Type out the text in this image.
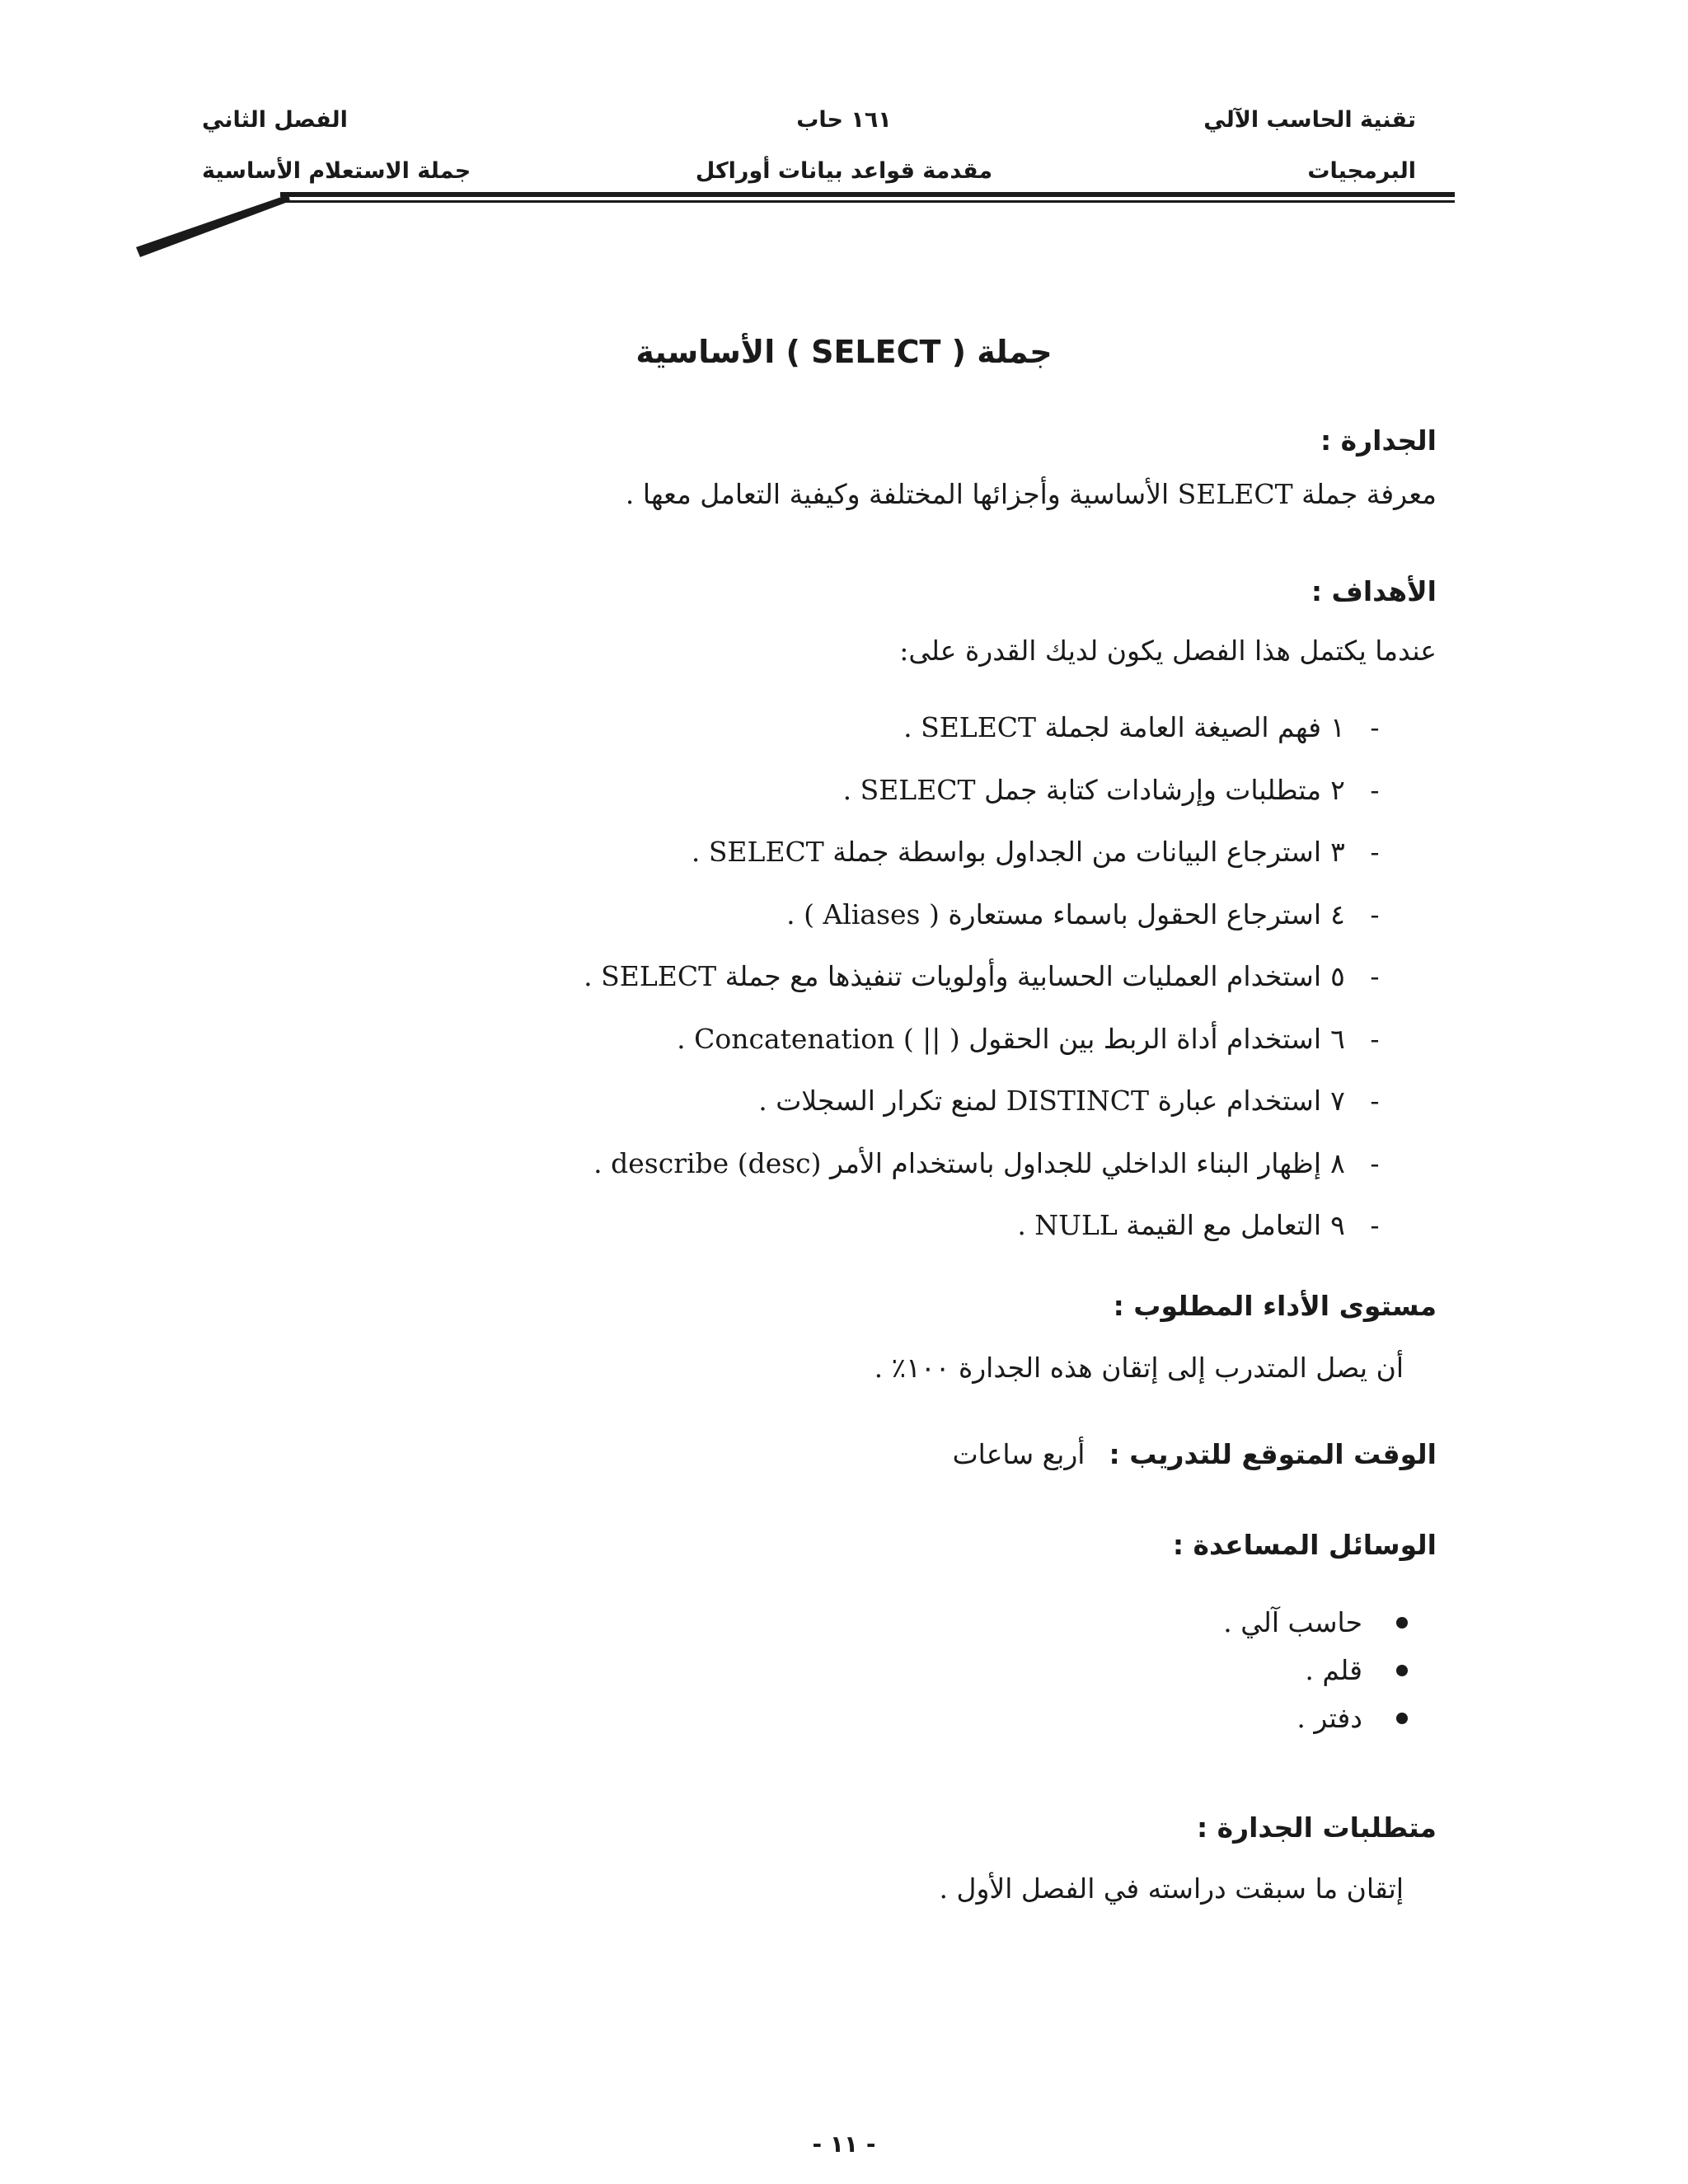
تقنية الحاسب الآلي
١٦١ حاب
الفصل الثاني
البرمجيات
مقدمة قواعد بيانات أوراكل
جملة الاستعلام الأساسية
جملة ( SELECT ) الأساسية
الجدارة :
معرفة جملة SELECT الأساسية وأجزائها المختلفة وكيفية التعامل معها .
الأهداف :
عندما يكتمل هذا الفصل يكون لديك القدرة على:
١ -
فهم الصيغة العامة لجملة SELECT .
٢ -
متطلبات وإرشادات كتابة جمل SELECT .
٣ -
استرجاع البيانات من الجداول بواسطة جملة SELECT .
٤ -
استرجاع الحقول باسماء مستعارة ( Aliases ) .
٥ -
استخدام العمليات الحسابية وأولويات تنفيذها مع جملة SELECT .
٦ -
استخدام أداة الربط بين الحقول ( || ) Concatenation .
٧ -
استخدام عبارة DISTINCT لمنع تكرار السجلات .
٨ -
إظهار البناء الداخلي للجداول باستخدام الأمر (describe (desc .
٩ -
التعامل مع القيمة NULL .
مستوى الأداء المطلوب :
أن يصل المتدرب إلى إتقان هذه الجدارة ١٠٠٪ .
الوقت المتوقع للتدريب : أربع ساعات
الوسائل المساعدة :
حاسب آلي .
قلم .
دفتر .
متطلبات الجدارة :
إتقان ما سبقت دراسته في الفصل الأول .
- ١١ -
